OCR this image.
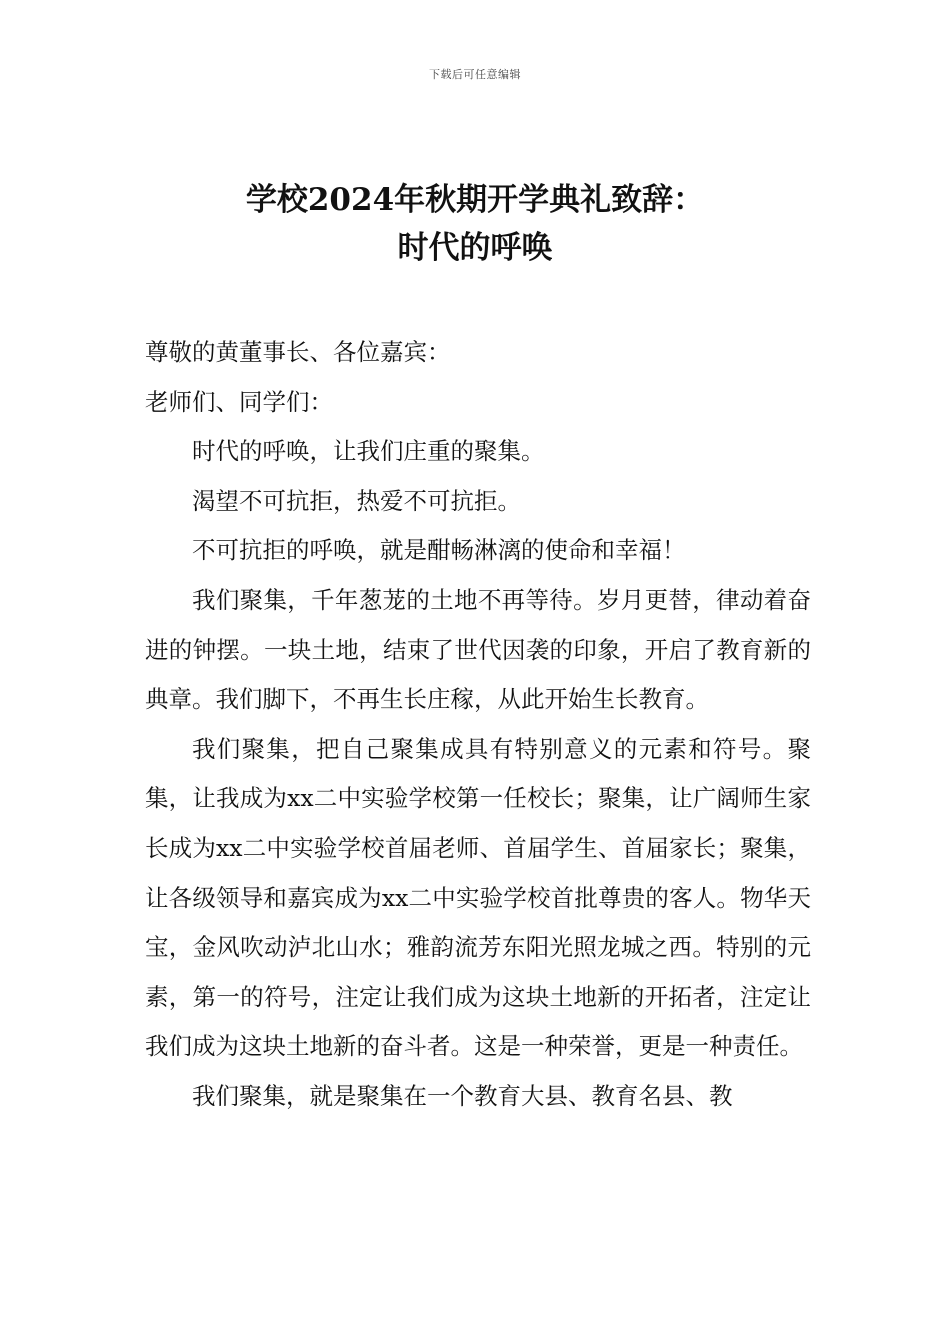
下载后可任意编辑
学校2024年秋期开学典礼致辞：
时代的呼唤

尊敬的黄董事长、各位嘉宾：

老师们、同学们：

时代的呼唤，让我们庄重的聚集。

渴望不可抗拒，热爱不可抗拒。

不可抗拒的呼唤，就是酣畅淋漓的使命和幸福！

我们聚集，千年葱茏的土地不再等待。岁月更替，律动着奋进的钟摆。一块土地，结束了世代因袭的印象，开启了教育新的典章。我们脚下，不再生长庄稼，从此开始生长教育。

我们聚集，把自己聚集成具有特别意义的元素和符号。聚集，让我成为xx二中实验学校第一任校长；聚集，让广阔师生家长成为xx二中实验学校首届老师、首届学生、首届家长；聚集，让各级领导和嘉宾成为xx二中实验学校首批尊贵的客人。物华天宝，金风吹动泸北山水；雅韵流芳东阳光照龙城之西。特别的元素，第一的符号，注定让我们成为这块土地新的开拓者，注定让我们成为这块土地新的奋斗者。这是一种荣誉，更是一种责任。

我们聚集，就是聚集在一个教育大县、教育名县、教
